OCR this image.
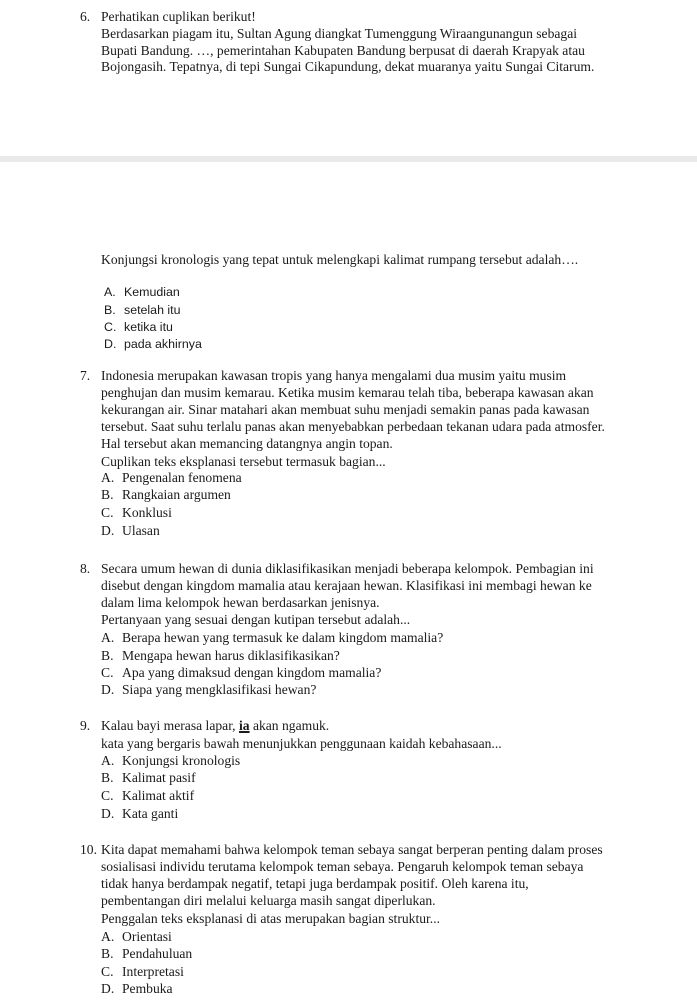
6. Perhatikan cuplikan berikut!
Berdasarkan piagam itu, Sultan Agung diangkat Tumenggung Wiraangunangun sebagai
Bupati Bandung. …, pemerintahan Kabupaten Bandung berpusat di daerah Krapyak atau
Bojongasih. Tepatnya, di tepi Sungai Cikapundung, dekat muaranya yaitu Sungai Citarum.
Konjungsi kronologis yang tepat untuk melengkapi kalimat rumpang tersebut adalah….
A. Kemudian
B. setelah itu
C. ketika itu
D. pada akhirnya
7. Indonesia merupakan kawasan tropis yang hanya mengalami dua musim yaitu musim
penghujan dan musim kemarau. Ketika musim kemarau telah tiba, beberapa kawasan akan
kekurangan air. Sinar matahari akan membuat suhu menjadi semakin panas pada kawasan
tersebut. Saat suhu terlalu panas akan menyebabkan perbedaan tekanan udara pada atmosfer.
Hal tersebut akan memancing datangnya angin topan.
Cuplikan teks eksplanasi tersebut termasuk bagian...
A. Pengenalan fenomena
B. Rangkaian argumen
C. Konklusi
D. Ulasan
8. Secara umum hewan di dunia diklasifikasikan menjadi beberapa kelompok. Pembagian ini
disebut dengan kingdom mamalia atau kerajaan hewan. Klasifikasi ini membagi hewan ke
dalam lima kelompok hewan berdasarkan jenisnya.
Pertanyaan yang sesuai dengan kutipan tersebut adalah...
A. Berapa hewan yang termasuk ke dalam kingdom mamalia?
B. Mengapa hewan harus diklasifikasikan?
C. Apa yang dimaksud dengan kingdom mamalia?
D. Siapa yang mengklasifikasi hewan?
9. Kalau bayi merasa lapar, ia akan ngamuk.
kata yang bergaris bawah menunjukkan penggunaan kaidah kebahasaan...
A. Konjungsi kronologis
B. Kalimat pasif
C. Kalimat aktif
D. Kata ganti
10. Kita dapat memahami bahwa kelompok teman sebaya sangat berperan penting dalam proses
sosialisasi individu terutama kelompok teman sebaya. Pengaruh kelompok teman sebaya
tidak hanya berdampak negatif, tetapi juga berdampak positif. Oleh karena itu,
pembentangan diri melalui keluarga masih sangat diperlukan.
Penggalan teks eksplanasi di atas merupakan bagian struktur...
A. Orientasi
B. Pendahuluan
C. Interpretasi
D. Pembuka
